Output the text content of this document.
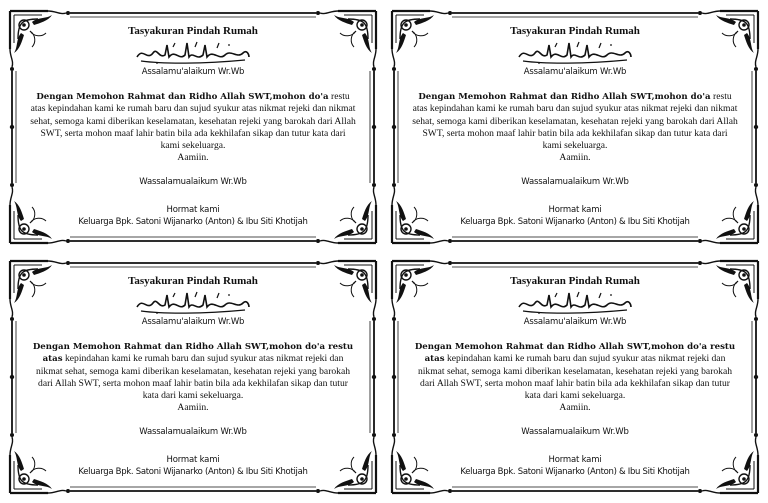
Tasyakuran Pindah Rumah
Assalamu'alaikum Wr.Wb
Dengan Memohon Rahmat dan Ridho Allah SWT,mohon do'a restu atas kepindahan kami ke rumah baru dan sujud syukur atas nikmat rejeki dan nikmat sehat, semoga kami diberikan keselamatan, kesehatan rejeki yang barokah dari Allah SWT, serta mohon maaf lahir batin bila ada kekhilafan sikap dan tutur kata dari kami sekeluarga.
Aamiin.
Wassalamualaikum Wr.Wb
Hormat kami
Keluarga Bpk. Satoni Wijanarko (Anton) & Ibu Siti Khotijah
Tasyakuran Pindah Rumah
Assalamu'alaikum Wr.Wb
Dengan Memohon Rahmat dan Ridho Allah SWT,mohon do'a restu atas kepindahan kami ke rumah baru dan sujud syukur atas nikmat rejeki dan nikmat sehat, semoga kami diberikan keselamatan, kesehatan rejeki yang barokah dari Allah SWT, serta mohon maaf lahir batin bila ada kekhilafan sikap dan tutur kata dari kami sekeluarga.
Aamiin.
Wassalamualaikum Wr.Wb
Hormat kami
Keluarga Bpk. Satoni Wijanarko (Anton) & Ibu Siti Khotijah
Tasyakuran Pindah Rumah
Assalamu'alaikum Wr.Wb
Dengan Memohon Rahmat dan Ridho Allah SWT,mohon do'a restu atas kepindahan kami ke rumah baru dan sujud syukur atas nikmat rejeki dan nikmat sehat, semoga kami diberikan keselamatan, kesehatan rejeki yang barokah dari Allah SWT, serta mohon maaf lahir batin bila ada kekhilafan sikap dan tutur kata dari kami sekeluarga.
Aamiin.
Wassalamualaikum Wr.Wb
Hormat kami
Keluarga Bpk. Satoni Wijanarko (Anton) & Ibu Siti Khotijah
Tasyakuran Pindah Rumah
Assalamu'alaikum Wr.Wb
Dengan Memohon Rahmat dan Ridho Allah SWT,mohon do'a restu atas kepindahan kami ke rumah baru dan sujud syukur atas nikmat rejeki dan nikmat sehat, semoga kami diberikan keselamatan, kesehatan rejeki yang barokah dari Allah SWT, serta mohon maaf lahir batin bila ada kekhilafan sikap dan tutur kata dari kami sekeluarga.
Aamiin.
Wassalamualaikum Wr.Wb
Hormat kami
Keluarga Bpk. Satoni Wijanarko (Anton) & Ibu Siti Khotijah
